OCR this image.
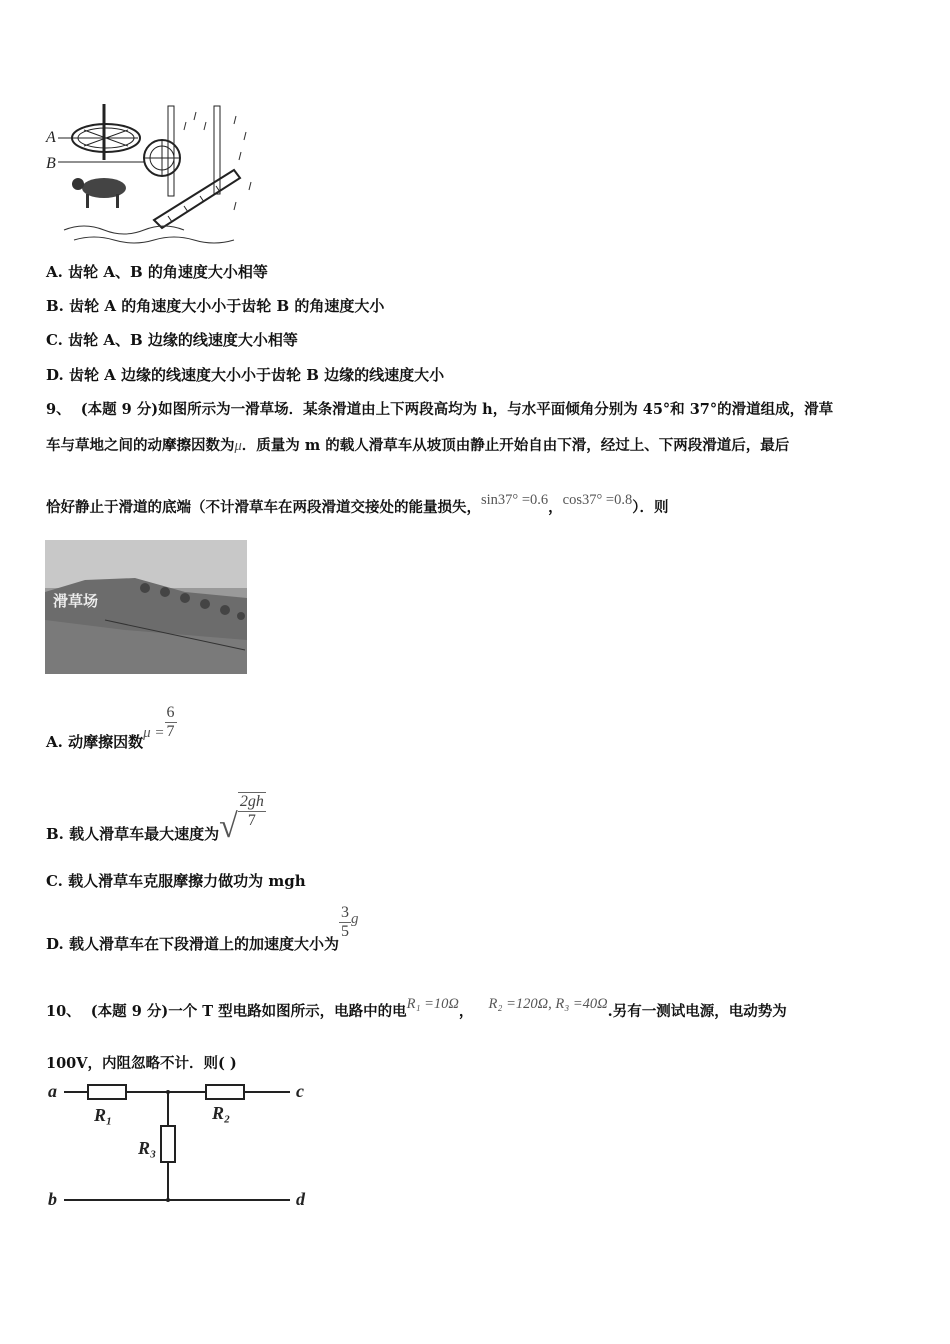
A
B
A. 齿轮 A、B 的角速度大小相等
B. 齿轮 A 的角速度大小小于齿轮 B 的角速度大小
C. 齿轮 A、B 边缘的线速度大小相等
D. 齿轮 A 边缘的线速度大小小于齿轮 B 边缘的线速度大小
9、 (本题 9 分)如图所示为一滑草场．某条滑道由上下两段高均为 h，与水平面倾角分别为 45°和 37°的滑道组成，滑草
车与草地之间的动摩擦因数为μ．质量为 m 的载人滑草车从坡顶由静止开始自由下滑，经过上、下两段滑道后，最后
恰好静止于滑道的底端（不计滑草车在两段滑道交接处的能量损失，sin37° =0.6，cos37° =0.8）．则
滑草场
A. 动摩擦因数$\mu = \frac{6}{7}$
B. 载人滑草车最大速度为√ $\frac{2gh}{7}$
C. 载人滑草车克服摩擦力做功为 mgh
D. 载人滑草车在下段滑道上的加速度大小为
$\frac{3}{5}$ g
10、 (本题 9 分)一个 T 型电路如图所示，电路中的电R₁ =10Ω， R₂ =120Ω, R₃ =40Ω.另有一测试电源，电动势为
100V，内阻忽略不计．则( )
a
b
c
d
R₁	R₂
R₃
